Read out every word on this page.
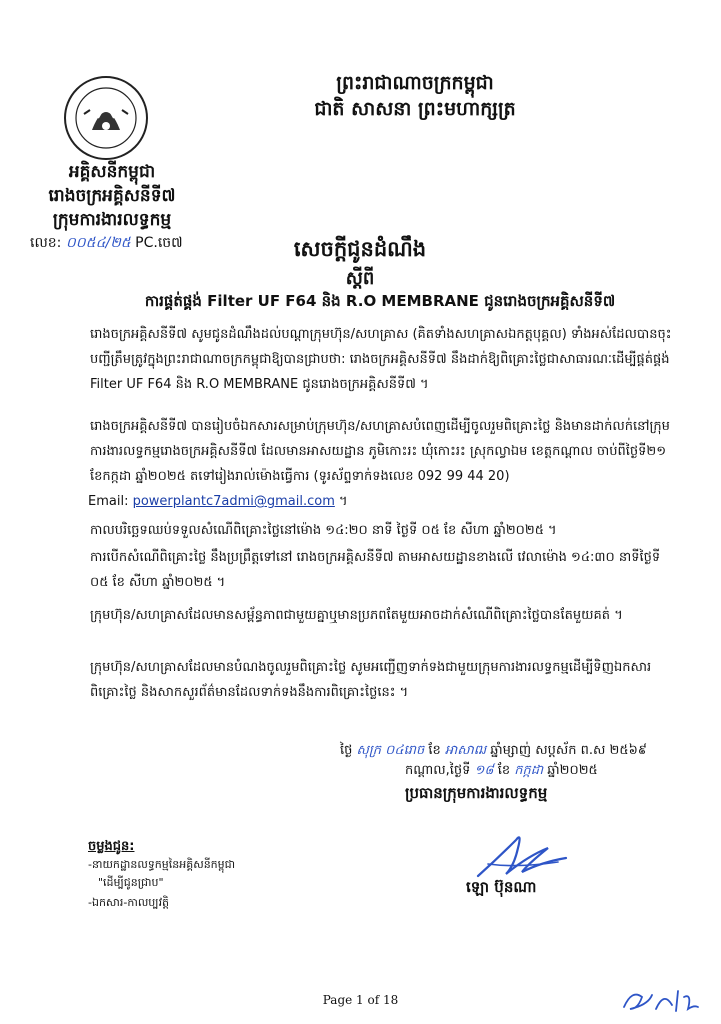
ព្រះរាជាណាចក្រកម្ពុជា
ជាតិ សាសនា ព្រះមហាក្សត្រ
អគ្គិសនីកម្ពុជា
រោងចក្រអគ្គិសនីទី៧
ក្រុមការងារលទ្ធកម្ម
លេខ: ០០៥៤/២៥ PC.ចេ៧	សេចក្តីជូនដំណឹង
ស្តីពី
ការផ្គត់ផ្គង់ Filter UF F64 និង R.O MEMBRANE ជូនរោងចក្រអគ្គិសនីទី៧
រោងចក្រអគ្គិសនីទី៧ សូមជូនដំណឹងដល់បណ្តាក្រុមហ៊ុន/សហគ្រាស (គិតទាំងសហគ្រាសឯកត្តបុគ្គល) ទាំងអស់ដែលបានចុះបញ្ជីត្រឹមត្រូវក្នុងព្រះរាជាណាចក្រកម្ពុជាឱ្យបានជ្រាបថា: រោងចក្រអគ្គិសនីទី៧ នឹងដាក់ឱ្យពិគ្រោះថ្លៃជាសាធារណៈដើម្បីផ្គត់ផ្គង់ Filter UF F64 និង R.O MEMBRANE ជូនរោងចក្រអគ្គិសនីទី៧ ។
រោងចក្រអគ្គិសនីទី៧ បានរៀបចំឯកសារសម្រាប់ក្រុមហ៊ុន/សហគ្រាសបំពេញដើម្បីចូលរួមពិគ្រោះថ្លៃ និងមានដាក់លក់នៅក្រុមការងារលទ្ធកម្មរោងចក្រអគ្គិសនីទី៧ ដែលមានអាសយដ្ឋាន ភូមិកោះរះ ឃុំកោះរះ ស្រុកល្វាឯម ខេត្តកណ្តាល ចាប់ពីថ្ងៃទី២១ ខែកក្កដា ឆ្នាំ២០២៥ តទៅរៀងរាល់ម៉ោងធ្វើការ (ទូរស័ព្ទទាក់ទងលេខ 092 99 44 20)
Email: powerplantc7admi@gmail.com ។
កាលបរិច្ឆេទឈប់ទទួលសំណើពិគ្រោះថ្លៃនៅម៉ោង ១៤:២០ នាទី ថ្ងៃទី ០៥ ខែ សីហា ឆ្នាំ២០២៥ ។
ការបើកសំណើពិគ្រោះថ្លៃ នឹងប្រព្រឹត្តទៅនៅ រោងចក្រអគ្គិសនីទី៧ តាមអាសយដ្ឋានខាងលើ វេលាម៉ោង ១៤:៣០ នាទីថ្ងៃទី ០៥ ខែ សីហា ឆ្នាំ២០២៥ ។
ក្រុមហ៊ុន/សហគ្រាសដែលមានសម្ព័ន្ធភាពជាមួយគ្នាឬមានប្រភពតែមួយអាចដាក់សំណើពិគ្រោះថ្លៃបានតែមួយគត់ ។
ក្រុមហ៊ុន/សហគ្រាសដែលមានបំណងចូលរួមពិគ្រោះថ្លៃ សូមអញ្ជើញទាក់ទងជាមួយក្រុមការងារលទ្ធកម្មដើម្បីទិញឯកសារពិគ្រោះថ្លៃ និងសាកសួរព័ត៌មានដែលទាក់ទងនឹងការពិគ្រោះថ្លៃនេះ ។
ថ្ងៃ សុក្រ ០៤រោច ខែ អាសាឍ ឆ្នាំម្សាញ់ សប្តស័ក ព.ស ២៥៦៩
កណ្តាល,ថ្ងៃទី ១៨ ខែ កក្កដា ឆ្នាំ២០២៥
ប្រធានក្រុមការងារលទ្ធកម្ម
ឡោ ប៊ុនណា
ចម្លងជូន:
-នាយកដ្ឋានលទ្ធកម្មនៃអគ្គិសនីកម្ពុជា
"ដើម្បីជូនជ្រាប"
-ឯកសារ-កាលប្បវត្តិ
Page 1 of 18
